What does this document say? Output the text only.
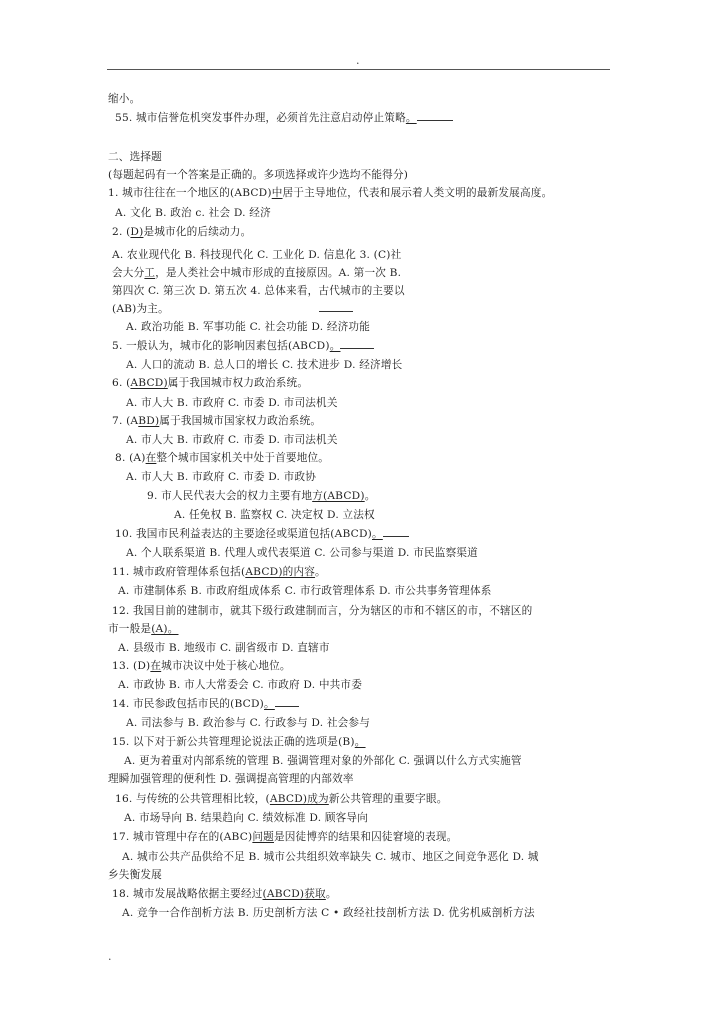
.
缩小。
55. 城市信誉危机突发事件办理，必须首先注意启动停止策略。
二、选择题
(每题起码有一个答案是正确的。多项选择或许少选均不能得分)
1. 城市往往在一个地区的(ABCD)中居于主导地位，代表和展示着人类文明的最新发展高度。
A. 文化 B. 政治 c. 社会 D. 经济
2. (D)是城市化的后续动力。
A. 农业现代化 B. 科技现代化 C. 工业化 D. 信息化 3. (C)社
会大分工，是人类社会中城市形成的直接原因。A. 第一次 B.
第四次 C. 第三次 D. 第五次 4. 总体来看，古代城市的主要以
(AB)为主。
A. 政治功能 B. 军事功能 C. 社会功能 D. 经济功能
5. 一般认为，城市化的影响因素包括(ABCD)。
A. 人口的流动 B. 总人口的增长 C. 技术进步 D. 经济增长
6. (ABCD)属于我国城市权力政治系统。
A. 市人大 B. 市政府 C. 市委 D. 市司法机关
7. (ABD)属于我国城市国家权力政治系统。
A. 市人大 B. 市政府 C. 市委 D. 市司法机关
8. (A)在整个城市国家机关中处于首要地位。
A. 市人大 B. 市政府 C. 市委 D. 市政协
9. 市人民代表大会的权力主要有地方(ABCD)。
A. 任免权 B. 监察权 C. 决定权 D. 立法权
10. 我国市民利益表达的主要途径或渠道包括(ABCD)。
A. 个人联系渠道 B. 代理人或代表渠道 C. 公司参与渠道 D. 市民监察渠道
11. 城市政府管理体系包括(ABCD)的内容。
A. 市建制体系 B. 市政府组成体系 C. 市行政管理体系 D. 市公共事务管理体系
12. 我国目前的建制市，就其下级行政建制而言，分为辖区的市和不辖区的市，不辖区的
市一般是(A)。
A. 县级市 B. 地级市 C. 副省级市 D. 直辖市
13. (D)在城市决议中处于核心地位。
A. 市政协 B. 市人大常委会 C. 市政府 D. 中共市委
14. 市民参政包括市民的(BCD)。
A. 司法参与 B. 政治参与 C. 行政参与 D. 社会参与
15. 以下对于新公共管理理论说法正确的选项是(B)。
A. 更为着重对内部系统的管理 B. 强调管理对象的外部化 C. 强调以什么方式实施管
理瞬加强管理的便利性 D. 强调提高管理的内部效率
16. 与传统的公共管理相比较，(ABCD)成为新公共管理的重要字眼。
A. 市场导向 B. 结果趋向 C. 绩效标准 D. 顾客导向
17. 城市管理中存在的(ABC)问题是因徒博弈的结果和囚徒窘境的表现。
A. 城市公共产品供给不足 B. 城市公共组织效率缺失 C. 城市、地区之间竞争恶化 D. 城
乡失衡发展
18. 城市发展战略依据主要经过(ABCD)获取。
A. 竞争一合作剖析方法 B. 历史剖析方法 C • 政经社技剖析方法 D. 优劣机威剖析方法
.
